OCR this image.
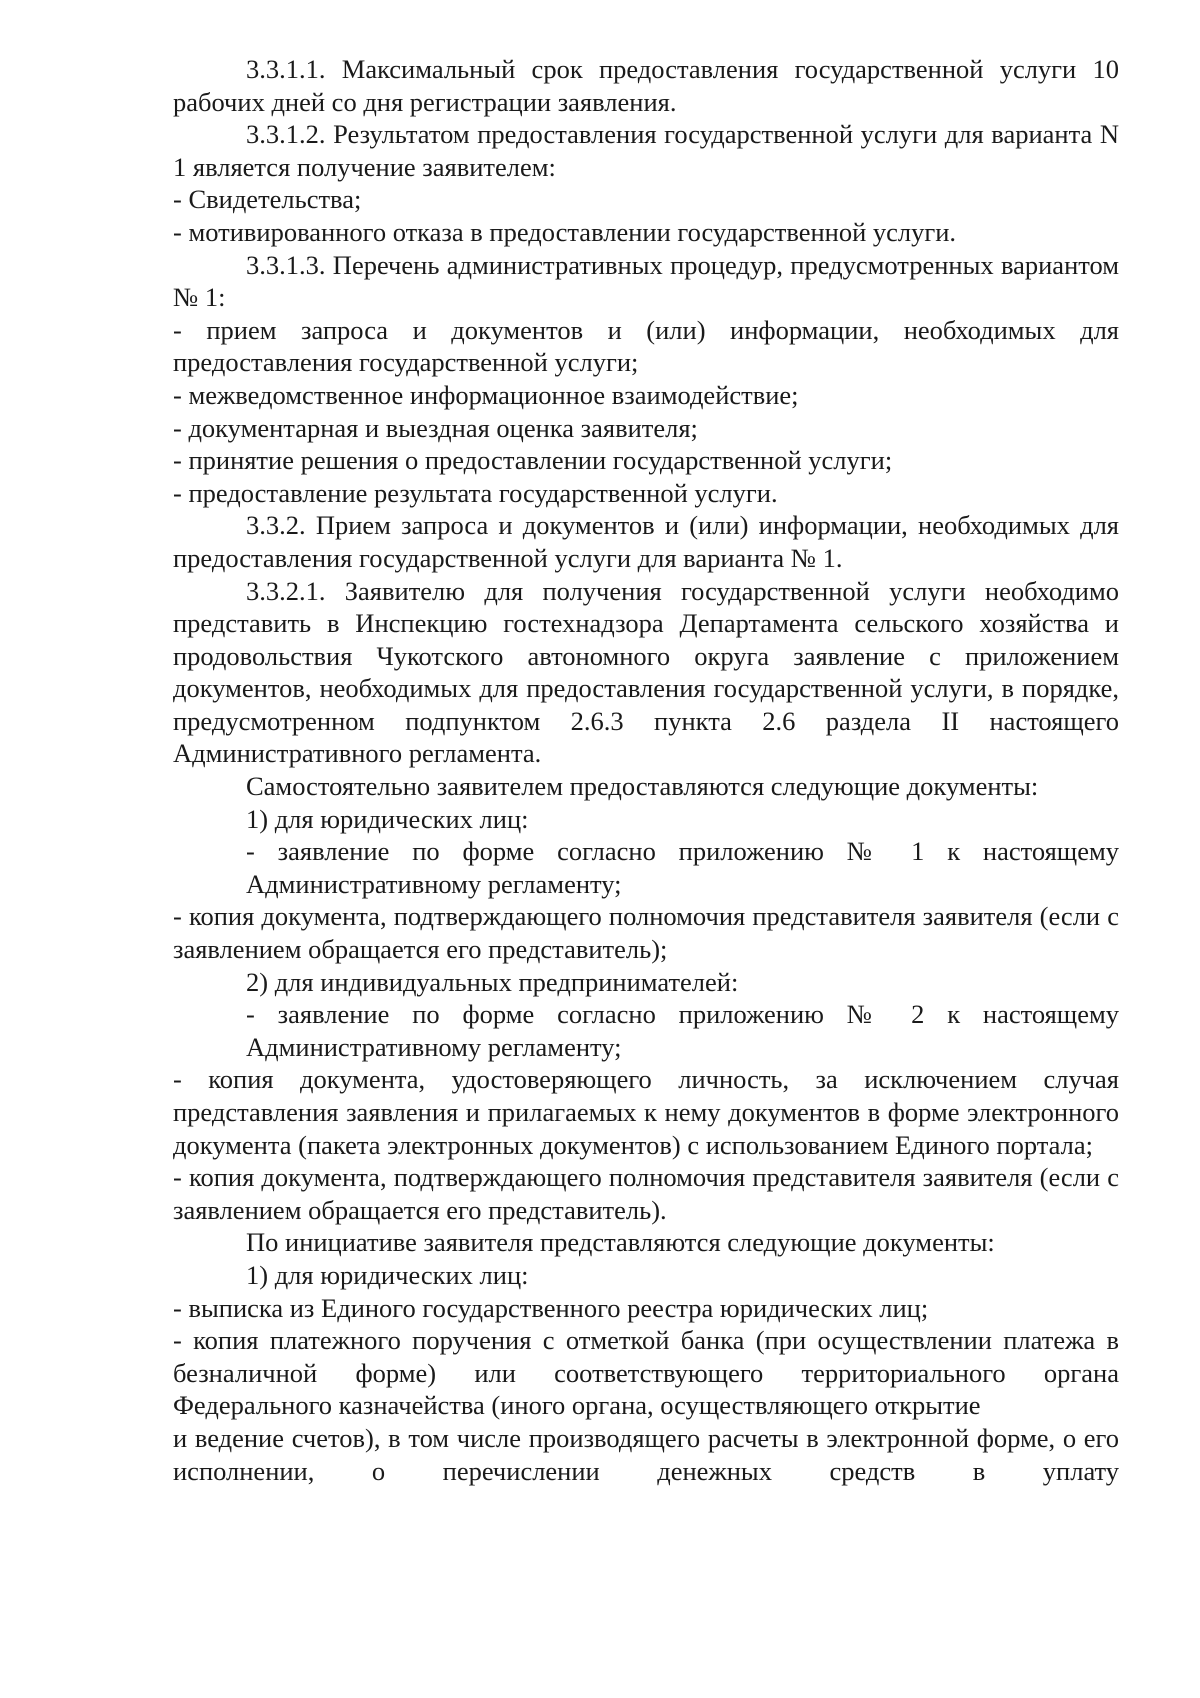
3.3.1.1. Максимальный срок предоставления государственной услуги 10 рабочих дней со дня регистрации заявления.

3.3.1.2. Результатом предоставления государственной услуги для варианта N 1 является получение заявителем:

- Свидетельства;

- мотивированного отказа в предоставлении государственной услуги.

3.3.1.3. Перечень административных процедур, предусмотренных вариантом № 1:

- прием запроса и документов и (или) информации, необходимых для предоставления государственной услуги;

- межведомственное информационное взаимодействие;

- документарная и выездная оценка заявителя;

- принятие решения о предоставлении государственной услуги;

- предоставление результата государственной услуги.

3.3.2. Прием запроса и документов и (или) информации, необходимых для предоставления государственной услуги для варианта № 1.

3.3.2.1. Заявителю для получения государственной услуги необходимо представить в Инспекцию гостехнадзора Департамента сельского хозяйства и продовольствия Чукотского автономного округа заявление с приложением документов, необходимых для предоставления государственной услуги, в порядке, предусмотренном подпунктом 2.6.3 пункта 2.6 раздела II настоящего Административного регламента.

Самостоятельно заявителем предоставляются следующие документы:

1) для юридических лиц:

- заявление по форме согласно приложению № 1 к настоящему Административному регламенту;

- копия документа, подтверждающего полномочия представителя заявителя (если с заявлением обращается его представитель);

2) для индивидуальных предпринимателей:

- заявление по форме согласно приложению № 2 к настоящему Административному регламенту;

- копия документа, удостоверяющего личность, за исключением случая представления заявления и прилагаемых к нему документов в форме электронного документа (пакета электронных документов) с использованием Единого портала;

- копия документа, подтверждающего полномочия представителя заявителя (если с заявлением обращается его представитель).

По инициативе заявителя представляются следующие документы:

1) для юридических лиц:

- выписка из Единого государственного реестра юридических лиц;

- копия платежного поручения с отметкой банка (при осуществлении платежа в безналичной форме) или соответствующего территориального органа Федерального казначейства (иного органа, осуществляющего открытие

и ведение счетов), в том числе производящего расчеты в электронной форме, о его исполнении, о перечислении денежных средств в уплату
